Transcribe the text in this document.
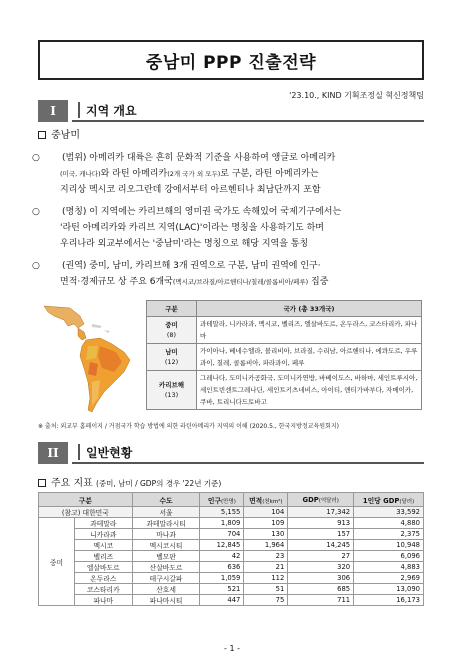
중남미 PPP 진출전략
'23.10., KIND 기획조정실 혁신정책팀
I	지역 개요
중남미
○ (범위) 아메리카 대륙은 흔히 문화적 기준을 사용하여 앵글로 아메리카
(미국, 캐나다)와 라틴 아메리카(2개 국가 외 모두)로 구분, 라틴 아메리카는
지리상 멕시코 리오그란데 강에서부터 아르헨티나 최남단까지 포함
○ (명칭) 이 지역에는 카리브해의 영미권 국가도 속해있어 국제기구에서는
'라틴 아메리카와 카리브 지역(LAC)'이라는 명칭을 사용하기도 하며
우리나라 외교부에서는 '중남미'라는 명칭으로 해당 지역을 통칭
○ (권역) 중미, 남미, 카리브해 3개 권역으로 구분, 남미 권역에 인구·
면적·경제규모 상 주요 6개국(멕시코/브라질/아르헨티나/칠레/콜롬비아/페루) 집중
구분	국가 (총 33개국)

중미
(8)	과테말라, 니카라과, 멕시코, 벨리즈, 엘살바도르, 온두라스, 코스타리카, 파나마

남미
(12)	가이아나, 베네수엘라, 볼리비아, 브라질, 수리남, 아르헨티나, 에콰도르, 우루과이, 칠레, 콜롬비아, 파라과이, 페루

카리브해
(13)	그레나다, 도미니카공화국, 도미니카연방, 바베이도스, 바하마, 세인트루시아, 세인트빈센트그레나딘, 세인트키츠네비스, 아이티, 앤티가바부다, 자메이카, 쿠바, 트리니다드토바고
※ 출처: 외교부 홈페이지 / 거점국가 학습 방법에 의한 라틴아메리카 지역의 이해 (2020.5., 한국지방정교육원회지)
II	일반현황
주요 지표 (중미, 남미 / GDP의 경우 '22년 기준)
구분		수도	인구(만명)	면적(천km²)	GDP(억달러)	1인당 GDP(달러)
(참고) 대한민국		서울	5,155	104	17,342	33,592
중미	과테말라	과테말라시티	1,809	109	913	4,880
	니카라과	마나과	704	130	157	2,375
	멕시코	멕시코시티	12,845	1,964	14,245	10,948
	벨리즈	벨모판	42	23	27	6,096
	엘살바도르	산살바도르	636	21	320	4,883
	온두라스	테구시갈파	1,059	112	306	2,969
	코스타리카	산호세	521	51	685	13,090
	파나마	파나마시티	447	75	711	16,173
- 1 -
